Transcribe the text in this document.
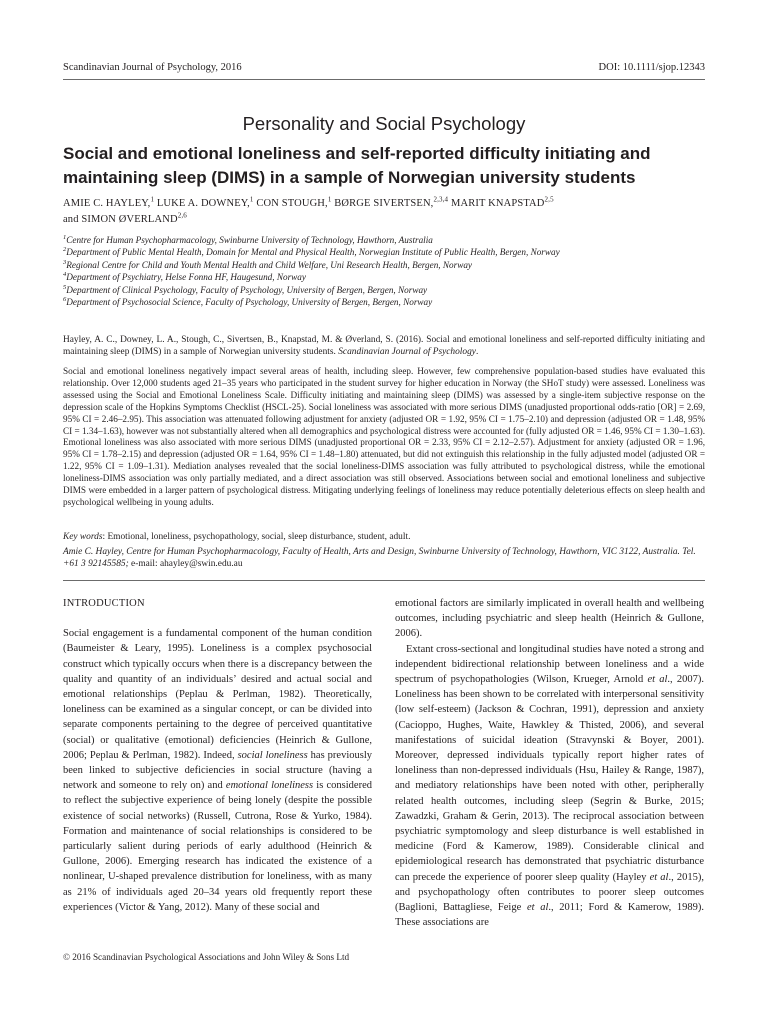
Scandinavian Journal of Psychology, 2016	DOI: 10.1111/sjop.12343
Personality and Social Psychology
Social and emotional loneliness and self-reported difficulty initiating and
maintaining sleep (DIMS) in a sample of Norwegian university students
AMIE C. HAYLEY,$^1$ LUKE A. DOWNEY,$^1$ CON STOUGH,$^1$ BØRGE SIVERTSEN,$^{2,3,4}$ MARIT KNAPSTAD$^{2,5}$
and SIMON ØVERLAND$^{2,6}$
$^1$Centre for Human Psychopharmacology, Swinburne University of Technology, Hawthorn, Australia
$^2$Department of Public Mental Health, Domain for Mental and Physical Health, Norwegian Institute of Public Health, Bergen, Norway
$^3$Regional Centre for Child and Youth Mental Health and Child Welfare, Uni Research Health, Bergen, Norway
$^4$Department of Psychiatry, Helse Fonna HF, Haugesund, Norway
$^5$Department of Clinical Psychology, Faculty of Psychology, University of Bergen, Bergen, Norway
$^6$Department of Psychosocial Science, Faculty of Psychology, University of Bergen, Bergen, Norway
Hayley, A. C., Downey, L. A., Stough, C., Sivertsen, B., Knapstad, M. & Øverland, S. (2016). Social and emotional loneliness and self-reported difficulty initiating and maintaining sleep (DIMS) in a sample of Norwegian university students. Scandinavian Journal of Psychology.
Social and emotional loneliness negatively impact several areas of health, including sleep. However, few comprehensive population-based studies have evaluated this relationship. Over 12,000 students aged 21–35 years who participated in the student survey for higher education in Norway (the SHoT study) were assessed. Loneliness was assessed using the Social and Emotional Loneliness Scale. Difficulty initiating and maintaining sleep (DIMS) was assessed by a single-item subjective response on the depression scale of the Hopkins Symptoms Checklist (HSCL-25). Social loneliness was associated with more serious DIMS (unadjusted proportional odds-ratio [OR] = 2.69, 95% CI = 2.46–2.95). This association was attenuated following adjustment for anxiety (adjusted OR = 1.92, 95% CI = 1.75–2.10) and depression (adjusted OR = 1.48, 95% CI = 1.34–1.63), however was not substantially altered when all demographics and psychological distress were accounted for (fully adjusted OR = 1.46, 95% CI = 1.30–1.63). Emotional loneliness was also associated with more serious DIMS (unadjusted proportional OR = 2.33, 95% CI = 2.12–2.57). Adjustment for anxiety (adjusted OR = 1.96, 95% CI = 1.78–2.15) and depression (adjusted OR = 1.64, 95% CI = 1.48–1.80) attenuated, but did not extinguish this relationship in the fully adjusted model (adjusted OR = 1.22, 95% CI = 1.09–1.31). Mediation analyses revealed that the social loneliness-DIMS association was fully attributed to psychological distress, while the emotional loneliness-DIMS association was only partially mediated, and a direct association was still observed. Associations between social and emotional loneliness and subjective DIMS were embedded in a larger pattern of psychological distress. Mitigating underlying feelings of loneliness may reduce potentially deleterious effects on sleep health and psychological wellbeing in young adults.
Key words: Emotional, loneliness, psychopathology, social, sleep disturbance, student, adult.
Amie C. Hayley, Centre for Human Psychopharmacology, Faculty of Health, Arts and Design, Swinburne University of Technology, Hawthorn, VIC 3122, Australia. Tel. +61 3 92145585; e-mail: ahayley@swin.edu.au
INTRODUCTION

Social engagement is a fundamental component of the human condition (Baumeister & Leary, 1995). Loneliness is a complex psychosocial construct which typically occurs when there is a discrepancy between the quality and quantity of an individuals’ desired and actual social and emotional relationships (Peplau & Perlman, 1982). Theoretically, loneliness can be examined as a singular concept, or can be divided into separate components pertaining to the degree of perceived quantitative (social) or qualitative (emotional) deficiencies (Heinrich & Gullone, 2006; Peplau & Perlman, 1982). Indeed, social loneliness has previously been linked to subjective deficiencies in social structure (having a network and someone to rely on) and emotional loneliness is considered to reflect the subjective experience of being lonely (despite the possible existence of social networks) (Russell, Cutrona, Rose & Yurko, 1984). Formation and maintenance of social relationships is considered to be particularly salient during periods of early adulthood (Heinrich & Gullone, 2006). Emerging research has indicated the existence of a nonlinear, U-shaped prevalence distribution for loneliness, with as many as 21% of individuals aged 20–34 years old frequently report these experiences (Victor & Yang, 2012). Many of these social and

emotional factors are similarly implicated in overall health and wellbeing outcomes, including psychiatric and sleep health (Heinrich & Gullone, 2006).

Extant cross-sectional and longitudinal studies have noted a strong and independent bidirectional relationship between loneliness and a wide spectrum of psychopathologies (Wilson, Krueger, Arnold et al., 2007). Loneliness has been shown to be correlated with interpersonal sensitivity (low self-esteem) (Jackson & Cochran, 1991), depression and anxiety (Cacioppo, Hughes, Waite, Hawkley & Thisted, 2006), and several manifestations of suicidal ideation (Stravynski & Boyer, 2001). Moreover, depressed individuals typically report higher rates of loneliness than non-depressed individuals (Hsu, Hailey & Range, 1987), and mediatory relationships have been noted with other, peripherally related health outcomes, including sleep (Segrin & Burke, 2015; Zawadzki, Graham & Gerin, 2013). The reciprocal association between psychiatric symptomology and sleep disturbance is well established in medicine (Ford & Kamerow, 1989). Considerable clinical and epidemiological research has demonstrated that psychiatric disturbance can precede the experience of poorer sleep quality (Hayley et al., 2015), and psychopathology often contributes to poorer sleep outcomes (Baglioni, Battagliese, Feige et al., 2011; Ford & Kamerow, 1989). These associations are

© 2016 Scandinavian Psychological Associations and John Wiley & Sons Ltd
